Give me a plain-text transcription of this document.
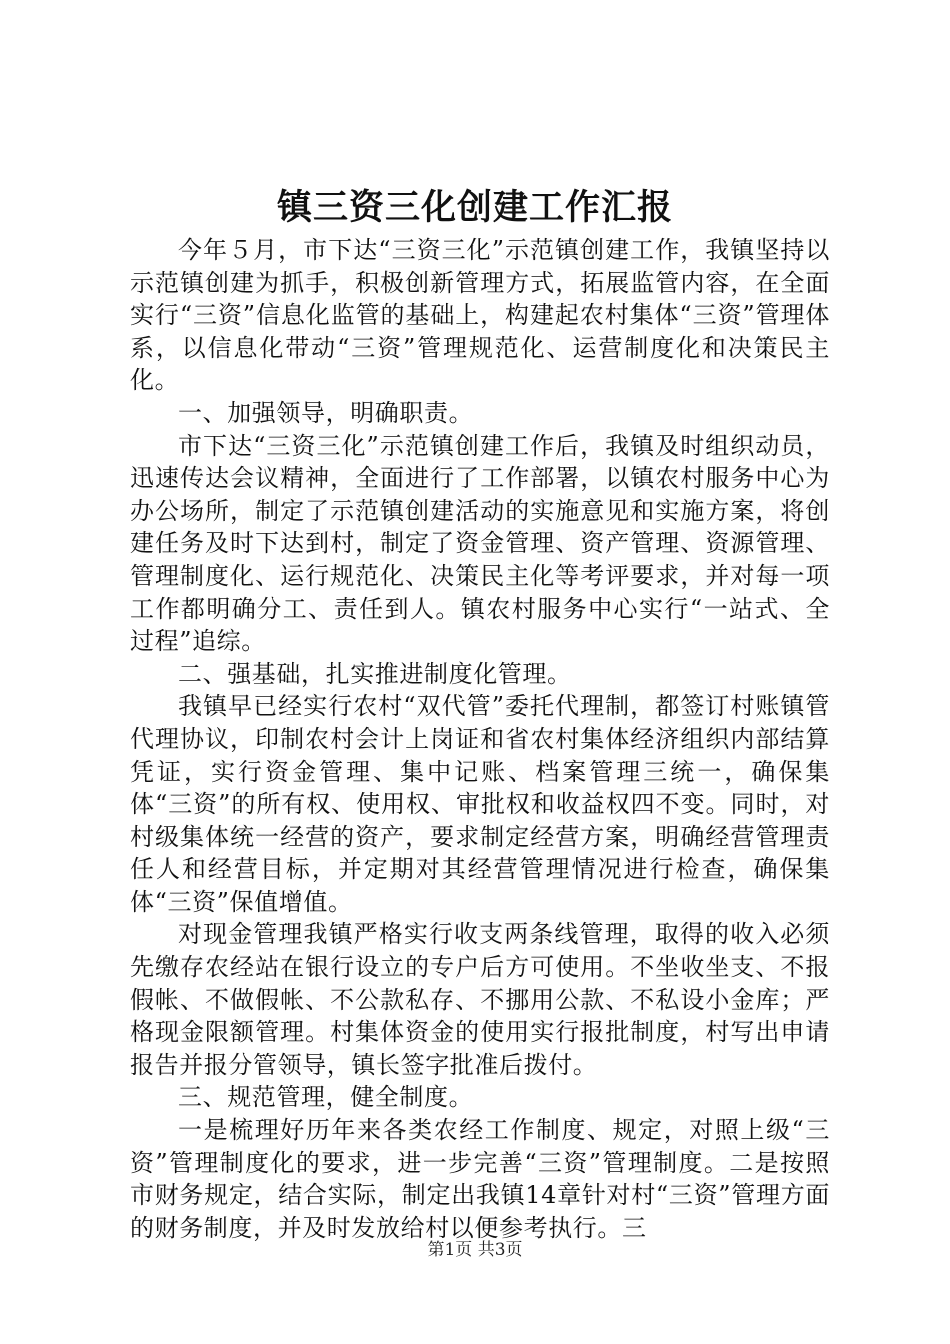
镇三资三化创建工作汇报

今年５月，市下达“三资三化”示范镇创建工作，我镇坚持以示范镇创建为抓手，积极创新管理方式，拓展监管内容，在全面实行“三资”信息化监管的基础上，构建起农村集体“三资”管理体系，以信息化带动“三资”管理规范化、运营制度化和决策民主化。

一、加强领导，明确职责。

市下达“三资三化”示范镇创建工作后，我镇及时组织动员，迅速传达会议精神，全面进行了工作部署，以镇农村服务中心为办公场所，制定了示范镇创建活动的实施意见和实施方案，将创建任务及时下达到村，制定了资金管理、资产管理、资源管理、管理制度化、运行规范化、决策民主化等考评要求，并对每一项工作都明确分工、责任到人。镇农村服务中心实行“一站式、全过程”追综。

二、强基础，扎实推进制度化管理。

我镇早已经实行农村“双代管”委托代理制，都签订村账镇管代理协议，印制农村会计上岗证和省农村集体经济组织内部结算凭证，实行资金管理、集中记账、档案管理三统一，确保集体“三资”的所有权、使用权、审批权和收益权四不变。同时，对村级集体统一经营的资产，要求制定经营方案，明确经营管理责任人和经营目标，并定期对其经营管理情况进行检查，确保集体“三资”保值增值。

对现金管理我镇严格实行收支两条线管理，取得的收入必须先缴存农经站在银行设立的专户后方可使用。不坐收坐支、不报假帐、不做假帐、不公款私存、不挪用公款、不私设小金库；严格现金限额管理。村集体资金的使用实行报批制度，村写出申请报告并报分管领导，镇长签字批准后拨付。

三、规范管理，健全制度。

一是梳理好历年来各类农经工作制度、规定，对照上级“三资”管理制度化的要求，进一步完善“三资”管理制度。二是按照市财务规定，结合实际，制定出我镇14章针对村“三资”管理方面的财务制度，并及时发放给村以便参考执行。三

第1页 共3页
